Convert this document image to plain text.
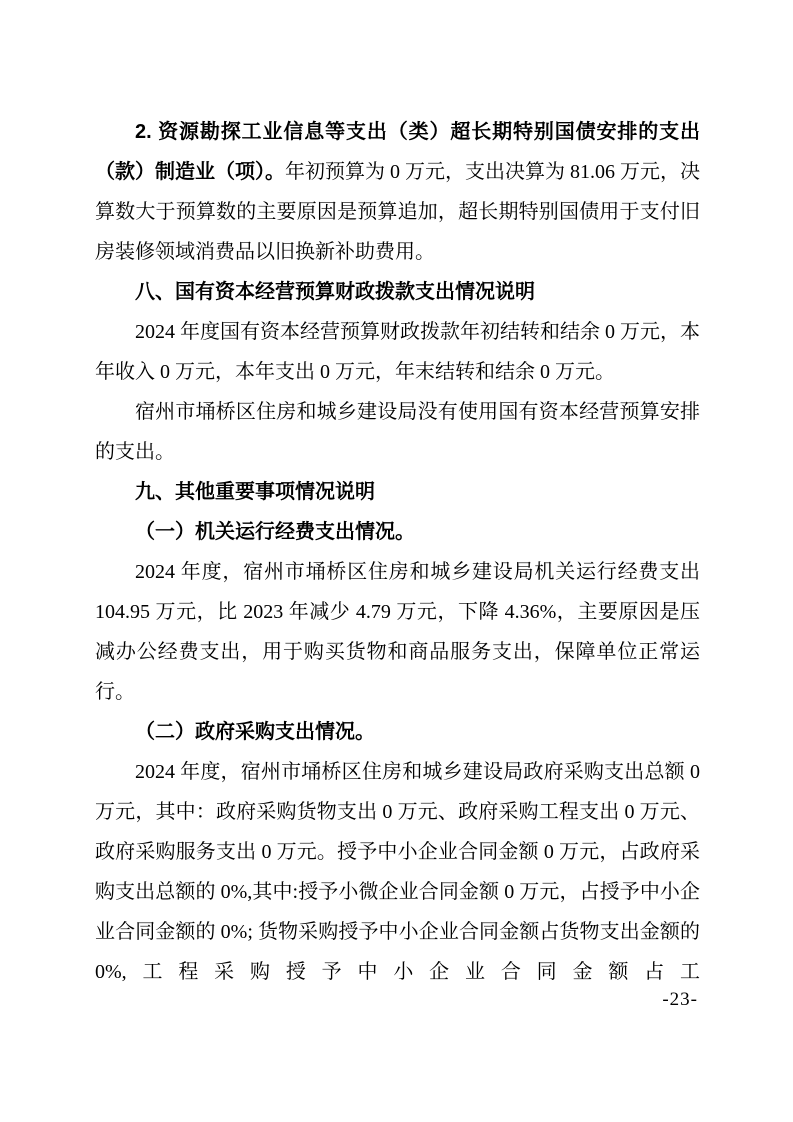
2. 资源勘探工业信息等支出（类）超长期特别国债安排的支出（款）制造业（项）。年初预算为 0 万元，支出决算为 81.06 万元，决算数大于预算数的主要原因是预算追加，超长期特别国债用于支付旧房装修领域消费品以旧换新补助费用。

八、国有资本经营预算财政拨款支出情况说明

2024 年度国有资本经营预算财政拨款年初结转和结余 0 万元，本年收入 0 万元，本年支出 0 万元，年末结转和结余 0 万元。

宿州市埇桥区住房和城乡建设局没有使用国有资本经营预算安排的支出。

九、其他重要事项情况说明

（一）机关运行经费支出情况。

2024 年度，宿州市埇桥区住房和城乡建设局机关运行经费支出 104.95 万元，比 2023 年减少 4.79 万元，下降 4.36%，主要原因是压减办公经费支出，用于购买货物和商品服务支出，保障单位正常运行。

（二）政府采购支出情况。

2024 年度，宿州市埇桥区住房和城乡建设局政府采购支出总额 0 万元，其中：政府采购货物支出 0 万元、政府采购工程支出 0 万元、政府采购服务支出 0 万元。授予中小企业合同金额 0 万元，占政府采购支出总额的 0%,其中:授予小微企业合同金额 0 万元，占授予中小企业合同金额的 0%; 货物采购授予中小企业合同金额占货物支出金额的 0%,工程采购授予中小企业合同金额占工

-23-
